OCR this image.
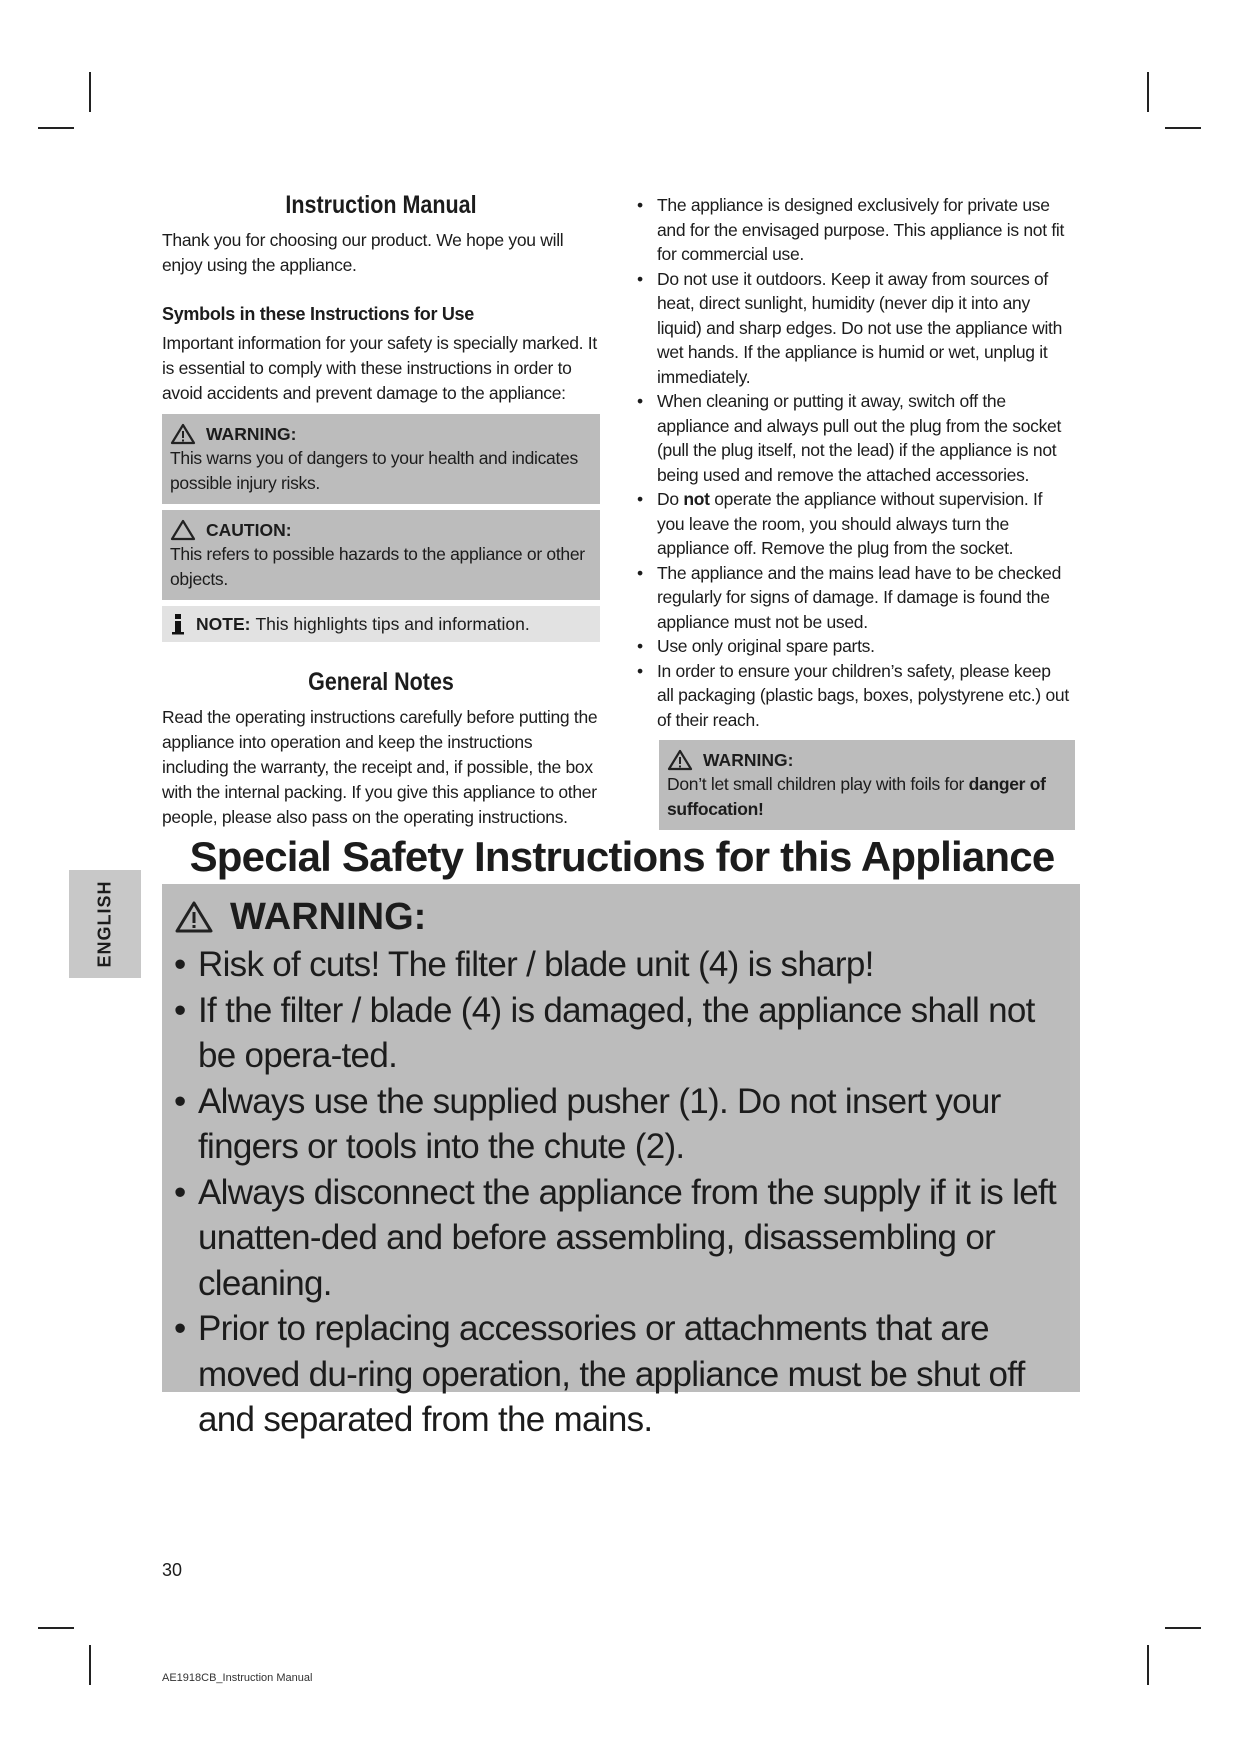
Instruction Manual

Thank you for choosing our product. We hope you will enjoy using the appliance.

Symbols in these Instructions for Use

Important information for your safety is specially marked. It is essential to comply with these instructions in order to avoid accidents and prevent damage to the appliance:

WARNING:

This warns you of dangers to your health and indicates possible injury risks.

CAUTION:

This refers to possible hazards to the appliance or other objects.

NOTE: This highlights tips and information.
General Notes

Read the operating instructions carefully before putting the appliance into operation and keep the instructions including the warranty, the receipt and, if possible, the box with the internal packing. If you give this appliance to other people, please also pass on the operating instructions.

• The appliance is designed exclusively for private use and for the envisaged purpose. This appliance is not fit for commercial use.
• Do not use it outdoors. Keep it away from sources of heat, direct sunlight, humidity (never dip it into any liquid) and sharp edges. Do not use the appliance with wet hands. If the appliance is humid or wet, unplug it immediately.
• When cleaning or putting it away, switch off the appliance and always pull out the plug from the socket (pull the plug itself, not the lead) if the appliance is not being used and remove the attached accessories.
• Do not operate the appliance without supervision. If you leave the room, you should always turn the appliance off. Remove the plug from the socket.
• The appliance and the mains lead have to be checked regularly for signs of damage. If damage is found the appliance must not be used.
• Use only original spare parts.
• In order to ensure your children’s safety, please keep all packaging (plastic bags, boxes, polystyrene etc.) out of their reach.
WARNING:

Don’t let small children play with foils for danger of suffocation!

ENGLISH
Special Safety Instructions for this Appliance
WARNING:
• Risk of cuts! The filter / blade unit (4) is sharp!
• If the filter / blade (4) is damaged, the appliance shall not be opera-ted.
• Always use the supplied pusher (1). Do not insert your fingers or tools into the chute (2).
• Always disconnect the appliance from the supply if it is left unatten-ded and before assembling, disassembling or cleaning.
• Prior to replacing accessories or attachments that are moved du-ring operation, the appliance must be shut off and separated from the mains.
30
AE1918CB_Instruction Manual
